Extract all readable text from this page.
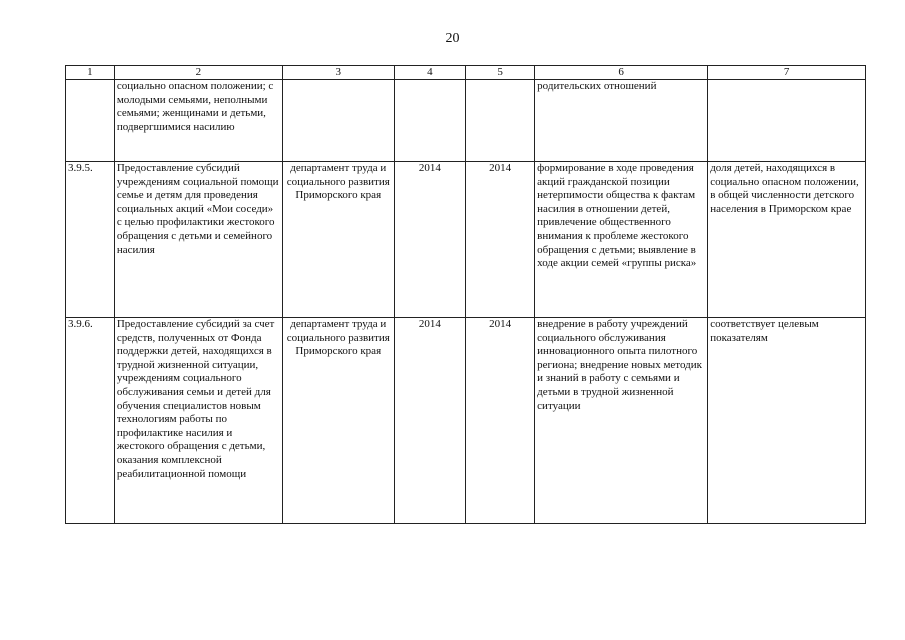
20
1	2	3	4	5	6	7
	социально опасном положении; с молодыми семьями, неполными семьями; женщинами и детьми, подвергшимися насилию				родительских отношений	
3.9.5.	Предоставление субсидий учреждениям социальной помощи семье и детям для проведения социальных акций «Мои соседи» с целью профилактики жестокого обращения с детьми и семейного насилия	департамент труда и социального развития Приморского края	2014	2014	формирование в ходе проведения акций гражданской позиции нетерпимости общества к фактам насилия в отношении детей, привлечение общественного внимания к проблеме жестокого обращения с детьми; выявление в ходе акции семей «группы риска»	доля детей, находящихся в социально опасном положении, в общей численности детского населения в Приморском крае
3.9.6.	Предоставление субсидий за счет средств, полученных от Фонда поддержки детей, находящихся в трудной жизненной ситуации, учреждениям социального обслуживания семьи и детей для обучения специалистов новым технологиям работы по профилактике насилия и жестокого обращения с детьми, оказания комплексной реабилитационной помощи	департамент труда и социального развития Приморского края	2014	2014	внедрение в работу учреждений социального обслуживания инновационного опыта пилотного региона; внедрение новых методик и знаний в работу с семьями и детьми в трудной жизненной ситуации	соответствует целевым показателям
